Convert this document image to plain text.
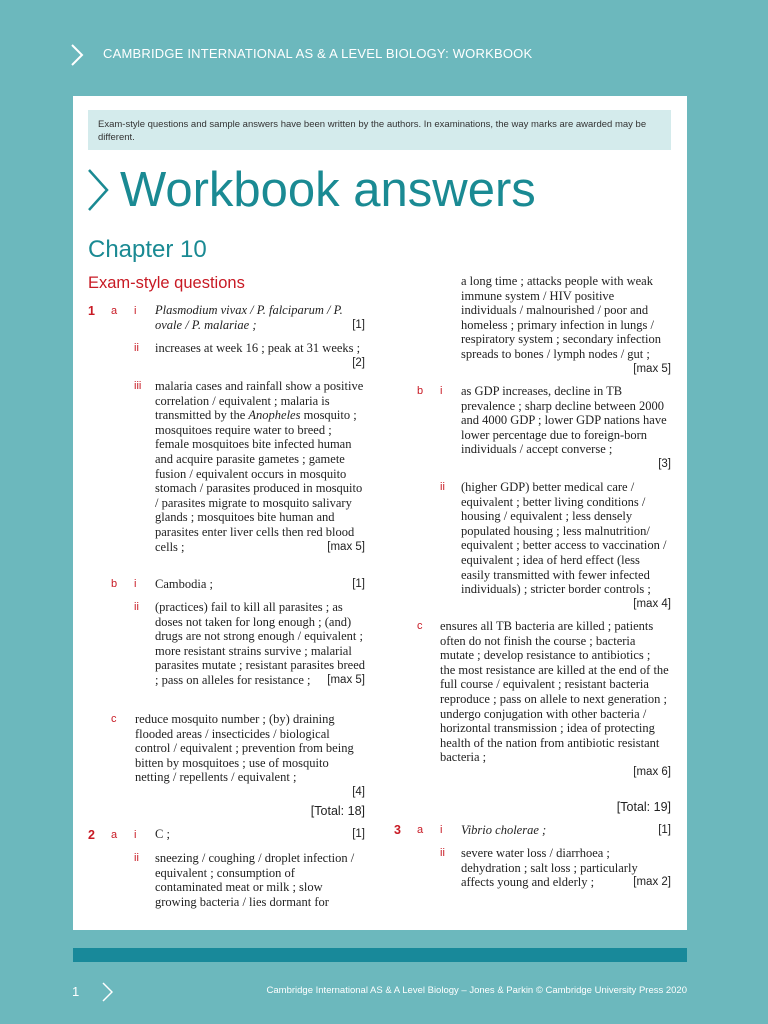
CAMBRIDGE INTERNATIONAL AS & A LEVEL BIOLOGY: WORKBOOK
Exam-style questions and sample answers have been written by the authors. In examinations, the way marks are awarded may be different.
Workbook answers
Chapter 10
Exam-style questions
1 a i Plasmodium vivax / P. falciparum / P. ovale / P. malariae ;	[1]

ii increases at week 16 ; peak at 31 weeks ;
[2]

iii malaria cases and rainfall show a positive correlation / equivalent ; malaria is transmitted by the Anopheles mosquito ; mosquitoes require water to breed ; female mosquitoes bite infected human and acquire parasite gametes ; gamete fusion / equivalent occurs in mosquito stomach / parasites produced in mosquito / parasites migrate to mosquito salivary glands ; mosquitoes bite human and parasites enter liver cells then red blood cells ;	[max 5]

b i Cambodia ;	[1]

ii (practices) fail to kill all parasites ; as doses not taken for long enough ; (and) drugs are not strong enough / equivalent ; more resistant strains survive ; malarial parasites mutate ; resistant parasites breed ; pass on alleles for resistance ; [max 5]

c reduce mosquito number ; (by) draining flooded areas / insecticides / biological control / equivalent ; prevention from being bitten by mosquitoes ; use of mosquito netting / repellents / equivalent ;

[4]
[Total: 18]
2 a i C ;	[1]

ii sneezing / coughing / droplet infection / equivalent ; consumption of contaminated meat or milk ; slow growing bacteria / lies dormant for

a long time ; attacks people with weak immune system / HIV positive individuals / malnourished / poor and homeless ; primary infection in lungs / respiratory system ; secondary infection spreads to bones / lymph nodes / gut ;

[max 5]
b i as GDP increases, decline in TB prevalence ; sharp decline between 2000 and 4000 GDP ; lower GDP nations have lower percentage due to foreign-born individuals / accept converse ;

[3]
ii (higher GDP) better medical care / equivalent ; better living conditions / housing / equivalent ; less densely populated housing ; less malnutrition/ equivalent ; better access to vaccination / equivalent ; idea of herd effect (less easily transmitted with fewer infected individuals) ; stricter border controls ;
[max 4]

c ensures all TB bacteria are killed ; patients often do not finish the course ; bacteria mutate ; develop resistance to antibiotics ;

the most resistance are killed at the end of the full course / equivalent ; resistant bacteria reproduce ; pass on allele to next generation ; undergo conjugation with other bacteria / horizontal transmission ; idea of protecting health of the nation from antibiotic resistant bacteria ;

[max 6]
[Total: 19]
3 a i Vibrio cholerae ;	[1]

ii severe water loss / diarrhoea ; dehydration ; salt loss ; particularly affects young and elderly ;	[max 2]

1	Cambridge International AS & A Level Biology – Jones & Parkin © Cambridge University Press 2020
